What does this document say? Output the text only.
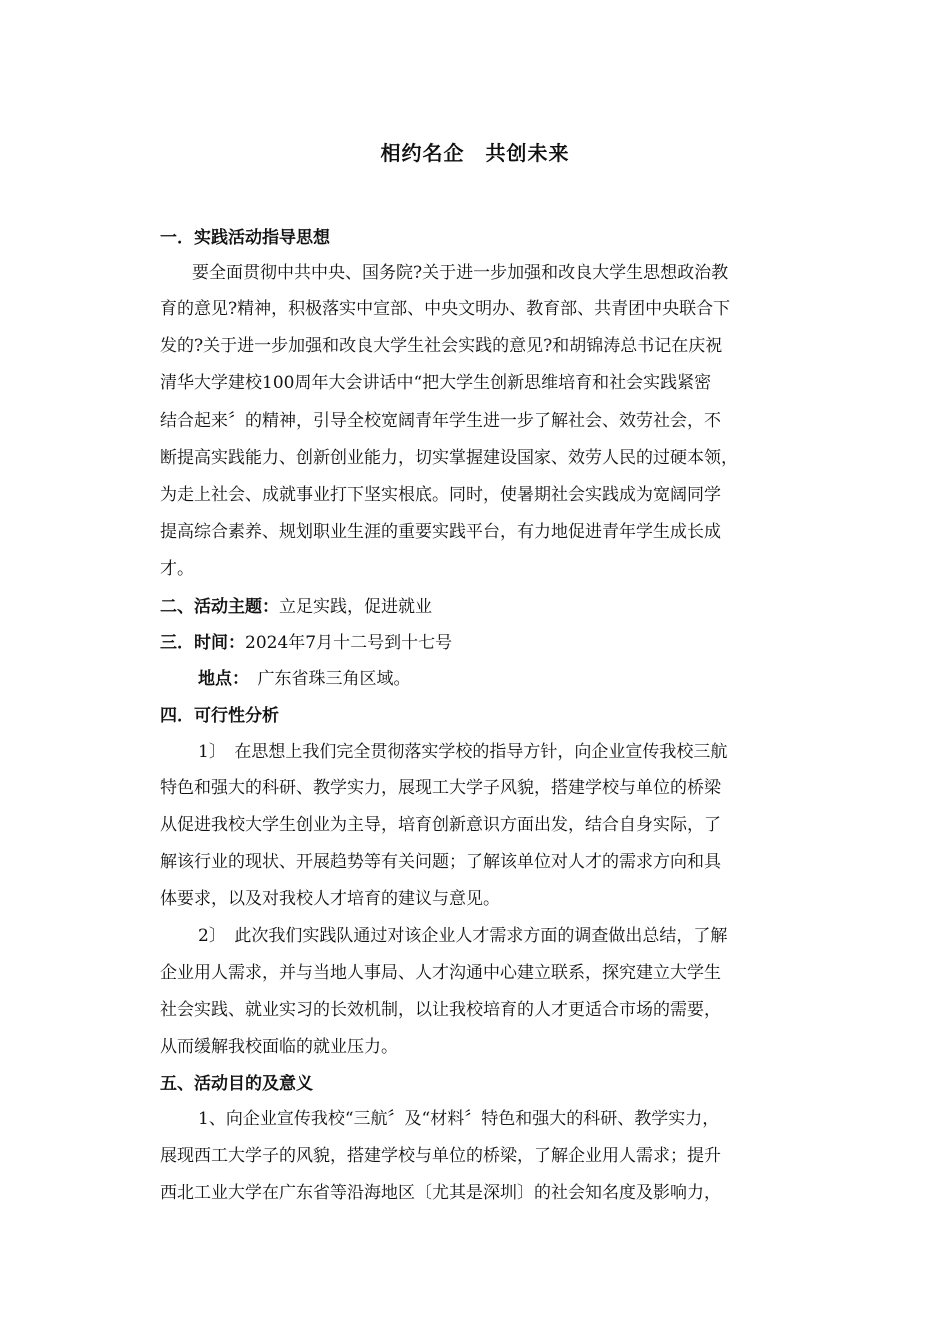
相约名企　共创未来
一．实践活动指导思想
要全面贯彻中共中央、国务院?关于进一步加强和改良大学生思想政治教
育的意见?精神，积极落实中宣部、中央文明办、教育部、共青团中央联合下
发的?关于进一步加强和改良大学生社会实践的意见?和胡锦涛总书记在庆祝
清华大学建校100周年大会讲话中“把大学生创新思维培育和社会实践紧密
结合起来〞的精神，引导全校宽阔青年学生进一步了解社会、效劳社会，不
断提高实践能力、创新创业能力，切实掌握建设国家、效劳人民的过硬本领，
为走上社会、成就事业打下坚实根底。同时，使暑期社会实践成为宽阔同学
提高综合素养、规划职业生涯的重要实践平台，有力地促进青年学生成长成
才。
二、活动主题：立足实践，促进就业
三．时间：2024年7月十二号到十七号
地点：　广东省珠三角区域。
四．可行性分析
1〕　在思想上我们完全贯彻落实学校的指导方针，向企业宣传我校三航
特色和强大的科研、教学实力，展现工大学子风貌，搭建学校与单位的桥梁
从促进我校大学生创业为主导，培育创新意识方面出发，结合自身实际，了
解该行业的现状、开展趋势等有关问题；了解该单位对人才的需求方向和具
体要求，以及对我校人才培育的建议与意见。
2〕　此次我们实践队通过对该企业人才需求方面的调查做出总结，了解
企业用人需求，并与当地人事局、人才沟通中心建立联系，探究建立大学生
社会实践、就业实习的长效机制，以让我校培育的人才更适合市场的需要，
从而缓解我校面临的就业压力。
五、活动目的及意义
1、向企业宣传我校“三航〞及“材料〞特色和强大的科研、教学实力，
展现西工大学子的风貌，搭建学校与单位的桥梁，了解企业用人需求；提升
西北工业大学在广东省等沿海地区〔尤其是深圳〕的社会知名度及影响力，
